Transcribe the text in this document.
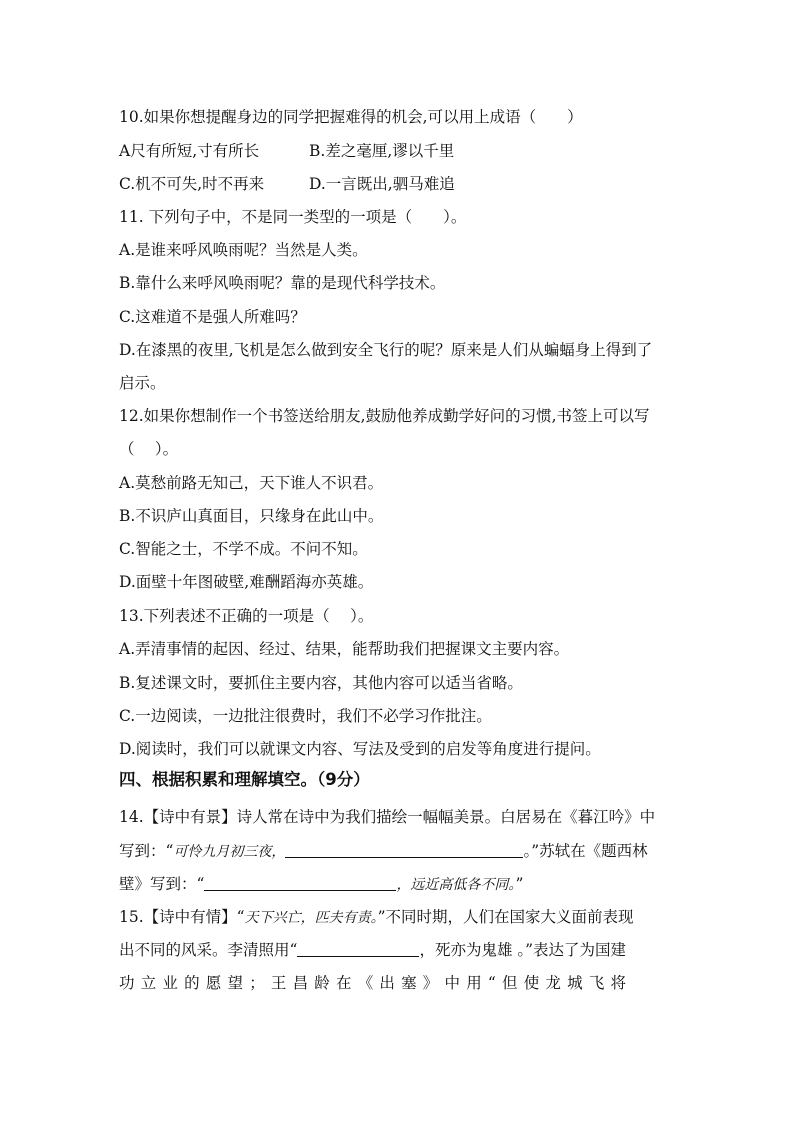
10.如果你想提醒身边的同学把握难得的机会,可以用上成语（　　）
A尺有所短,寸有所长	B.差之毫厘,谬以千里
C.机不可失,时不再来	D.一言既出,驷马难追
11. 下列句子中，不是同一类型的一项是（　　）。
A.是谁来呼风唤雨呢？当然是人类。
B.靠什么来呼风唤雨呢？靠的是现代科学技术。
C.这难道不是强人所难吗？
D.在漆黑的夜里,飞机是怎么做到安全飞行的呢？原来是人们从蝙蝠身上得到了
启示。
12.如果你想制作一个书签送给朋友,鼓励他养成勤学好问的习惯,书签上可以写
（　 ）。
A.莫愁前路无知己，天下谁人不识君。
B.不识庐山真面目，只缘身在此山中。
C.智能之士，不学不成。不问不知。
D.面壁十年图破壁,难酬蹈海亦英雄。
13.下列表述不正确的一项是（　 ）。
A.弄清事情的起因、经过、结果，能帮助我们把握课文主要内容。
B.复述课文时，要抓住主要内容，其他内容可以适当省略。
C.一边阅读，一边批注很费时，我们不必学习作批注。
D.阅读时，我们可以就课文内容、写法及受到的启发等角度进行提问。
四、根据积累和理解填空。（9分）
14.【诗中有景】诗人常在诗中为我们描绘一幅幅美景。白居易在《暮江吟》中
写到：“可怜九月初三夜，	。”苏轼在《题西林
壁》写到：“	，远近高低各不同。”
15.【诗中有情】“天下兴亡，匹夫有责。”不同时期，人们在国家大义面前表现
出不同的风采。李清照用“	，死亦为鬼雄 。”表达了为国建
功立业的愿望；王昌龄在《出塞》中用“但使龙城飞将
